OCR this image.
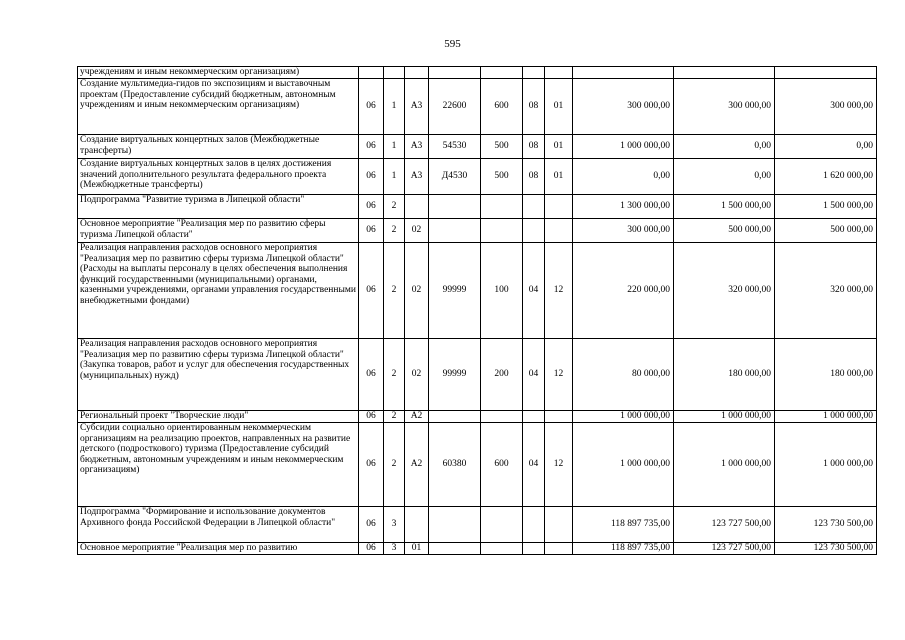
595
учреждениям и иным некоммерческим организациям)										
Создание мультимедиа-гидов по экспозициям и выставочным проектам (Предоставление субсидий бюджетным, автономным учреждениям и иным некоммерческим организациям)	06	1	А3	22600	600	08	01	300 000,00	300 000,00	300 000,00
Создание виртуальных концертных залов (Межбюджетные трансферты)	06	1	А3	54530	500	08	01	1 000 000,00	0,00	0,00
Создание виртуальных концертных залов в целях достижения значений дополнительного результата федерального проекта (Межбюджетные трансферты)	06	1	А3	Д4530	500	08	01	0,00	0,00	1 620 000,00
Подпрограмма "Развитие туризма в Липецкой области"	06	2						1 300 000,00	1 500 000,00	1 500 000,00
Основное мероприятие "Реализация мер по развитию сферы туризма Липецкой области"	06	2	02					300 000,00	500 000,00	500 000,00
Реализация направления расходов основного мероприятия "Реализация мер по развитию сферы туризма Липецкой области" (Расходы на выплаты персоналу в целях обеспечения выполнения функций государственными (муниципальными) органами, казенными учреждениями, органами управления государственными внебюджетными фондами)	06	2	02	99999	100	04	12	220 000,00	320 000,00	320 000,00
Реализация направления расходов основного мероприятия "Реализация мер по развитию сферы туризма Липецкой области" (Закупка товаров, работ и услуг для обеспечения государственных (муниципальных) нужд)	06	2	02	99999	200	04	12	80 000,00	180 000,00	180 000,00
Региональный проект "Творческие люди"	06	2	А2					1 000 000,00	1 000 000,00	1 000 000,00
Субсидии социально ориентированным некоммерческим организациям на реализацию проектов, направленных на развитие детского (подросткового) туризма (Предоставление субсидий бюджетным, автономным учреждениям и иным некоммерческим организациям)	06	2	А2	60380	600	04	12	1 000 000,00	1 000 000,00	1 000 000,00
Подпрограмма "Формирование и использование документов Архивного фонда Российской Федерации в Липецкой области"	06	3						118 897 735,00	123 727 500,00	123 730 500,00
Основное мероприятие "Реализация мер по развитию	06	3	01					118 897 735,00	123 727 500,00	123 730 500,00
